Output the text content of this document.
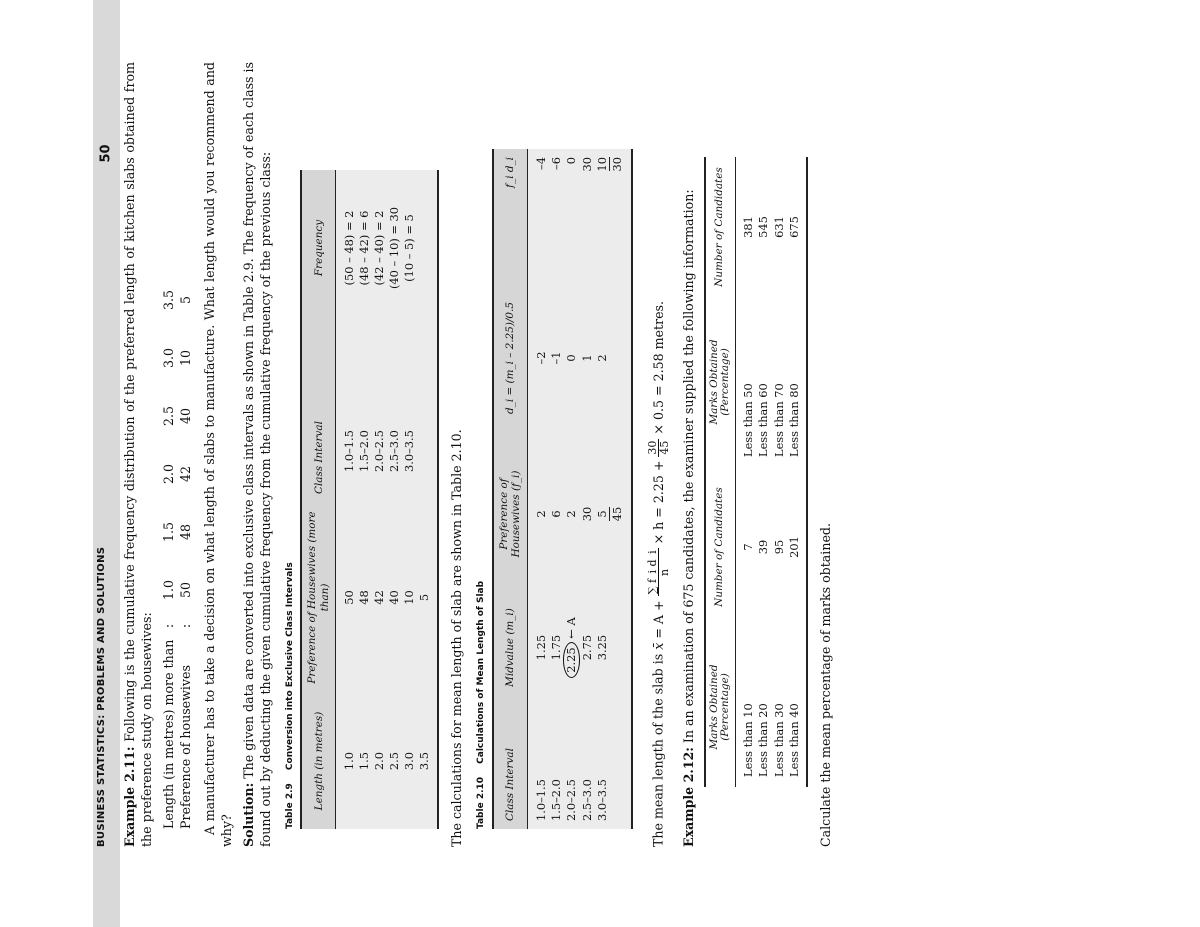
50
BUSINESS STATISTICS: PROBLEMS AND SOLUTIONS Example 2.11: Following is the cumulative frequency distribution of the preferred length of kitchen slabs obtained from the preference study on housewives: Length (in metres) more than	:	1.0	1.5	2.0	2.5	3.0	3.5
Preference of housewives	:	50	48	42	40	10	5 A manufacturer has to take a decision on what length of slabs to manufacture. What length would you recommend and why? Solution: The given data are converted into exclusive class intervals as shown in Table 2.9. The frequency of each class is found out by deducting the given cumulative frequency from the cumulative frequency of the previous class: Table 2.9 Conversion into Exclusive Class Intervals Length (in metres)	Preference of Housewives (more than)	Class Interval	Frequency
1.0	50	1.0–1.5	(50 – 48) = 2
1.5	48	1.5–2.0	(48 – 42) = 6
2.0	42	2.0–2.5	(42 – 40) = 2
2.5	40	2.5–3.0	(40 – 10) = 30
3.0	10	3.0–3.5	(10 – 5) = 5
3.5	5		The calculations for mean length of slab are shown in Table 2.10. Table 2.10 Calculations of Mean Length of Slab
Class Interval	Midvalue (m_i)	Preference of Housewives (f_i)	d_i = (m_i – 2.25)/0.5	f_i d_i
1.0–1.5	1.25	2	–2	–4
1.5–2.0	1.75	6	–1	–6
2.0–2.5	2.25 ← A	2	0	0
2.5–3.0	2.75	30	1	30
3.0–3.5	3.25	5	2	10
		45		30

The mean length of the slab is
x̄
= A +
∑ f_i d_i n
× h = 2.25 +
30 45
× 0.5 = 2.58 metres.

Example 2.12: In an examination of 675 candidates, the examiner supplied the following information: Marks Obtained (Percentage)	Number of Candidates	Marks Obtained (Percentage)	Number of Candidates
Less than 10	7	Less than 50	381
Less than 20	39	Less than 60	545
Less than 30	95	Less than 70	631
Less than 40	201	Less than 80	675

Calculate the mean percentage of marks obtained.
